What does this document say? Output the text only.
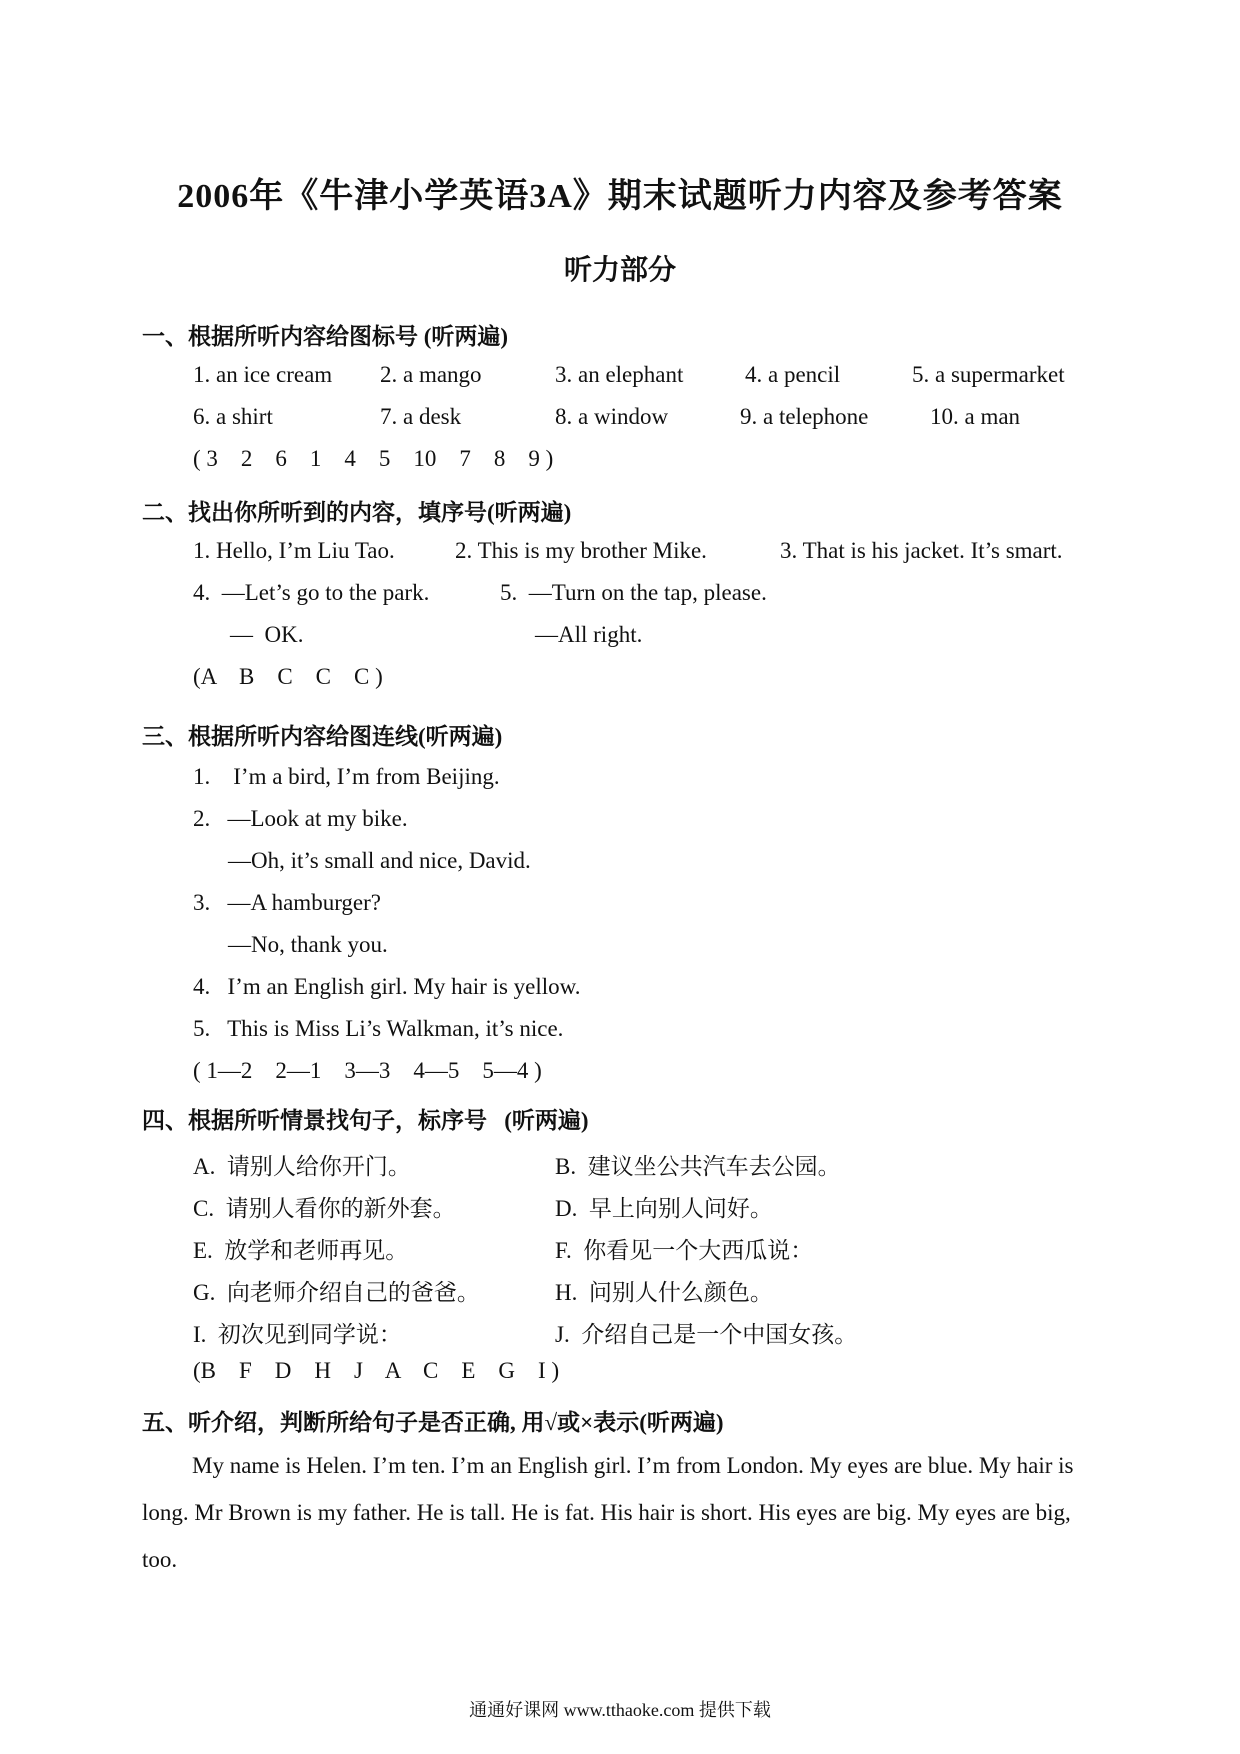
2006年《牛津小学英语3A》期末试题听力内容及参考答案
听力部分
一、根据所听内容给图标号 (听两遍)
1. an ice cream 2. a mango	3. an elephant	4. a pencil	5. a supermarket
6. a shirt	7. a desk	8. a window	9. a telephone	10. a man
( 3    2    6    1    4    5    10    7    8    9 )
二、找出你所听到的内容，填序号(听两遍)
1. Hello, I’m Liu Tao.	2. This is my brother Mike.	3. That is his jacket. It’s smart.
4.  —Let’s go to the park.	5.  —Turn on the tap, please.
—  OK.	—All right.
(A    B    C    C    C )
三、根据所听内容给图连线(听两遍)
1.    I’m a bird, I’m from Beijing.
2.   —Look at my bike.
—Oh, it’s small and nice, David.
3.   —A hamburger?
—No, thank you.
4.   I’m an English girl. My hair is yellow.
5.   This is Miss Li’s Walkman, it’s nice.
( 1—2    2—1    3—3    4—5    5—4 )
四、根据所听情景找句子，标序号   (听两遍)
A.  请别人给你开门。	B.  建议坐公共汽车去公园。
C.  请别人看你的新外套。	D.  早上向别人问好。
E.  放学和老师再见。	F.  你看见一个大西瓜说：
G.  向老师介绍自己的爸爸。	H.  问别人什么颜色。
I.  初次见到同学说：	J.  介绍自己是一个中国女孩。
(B    F    D    H    J    A    C    E    G    I )
五、听介绍，判断所给句子是否正确, 用√或×表示(听两遍)
My name is Helen. I’m ten. I’m an English girl. I’m from London. My eyes are blue. My hair is long. Mr Brown is my father. He is tall. He is fat. His hair is short. His eyes are big. My eyes are big, too.
通通好课网 www.tthaoke.com 提供下载
